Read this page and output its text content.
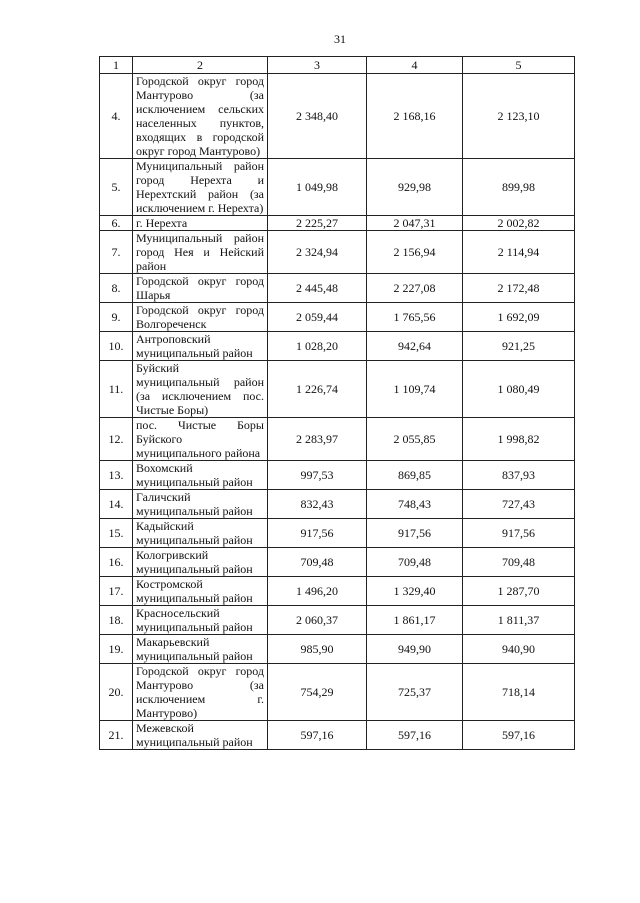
31
1	2	3	4	5
4.	Городской округ город Мантурово (за исключением сельских населенных пунктов, входящих в городской округ город Мантурово)	2 348,40	2 168,16	2 123,10
5.	Муниципальный район город Нерехта и Нерехтский район (за исключением г. Нерехта)	1 049,98	929,98	899,98
6.	г. Нерехта	2 225,27	2 047,31	2 002,82
7.	Муниципальный район город Нея и Нейский район	2 324,94	2 156,94	2 114,94
8.	Городской округ город Шарья	2 445,48	2 227,08	2 172,48
9.	Городской округ город Волгореченск	2 059,44	1 765,56	1 692,09
10.	Антроповский муниципальный район	1 028,20	942,64	921,25
11.	Буйский муниципальный район (за исключением пос. Чистые Боры)	1 226,74	1 109,74	1 080,49
12.	пос. Чистые Боры Буйского муниципального района	2 283,97	2 055,85	1 998,82
13.	Вохомский муниципальный район	997,53	869,85	837,93
14.	Галичский муниципальный район	832,43	748,43	727,43
15.	Кадыйский муниципальный район	917,56	917,56	917,56
16.	Кологривский муниципальный район	709,48	709,48	709,48
17.	Костромской муниципальный район	1 496,20	1 329,40	1 287,70
18.	Красносельский муниципальный район	2 060,37	1 861,17	1 811,37
19.	Макарьевский муниципальный район	985,90	949,90	940,90
20.	Городской округ город Мантурово (за исключением г. Мантурово)	754,29	725,37	718,14
21.	Межевской муниципальный район	597,16	597,16	597,16
